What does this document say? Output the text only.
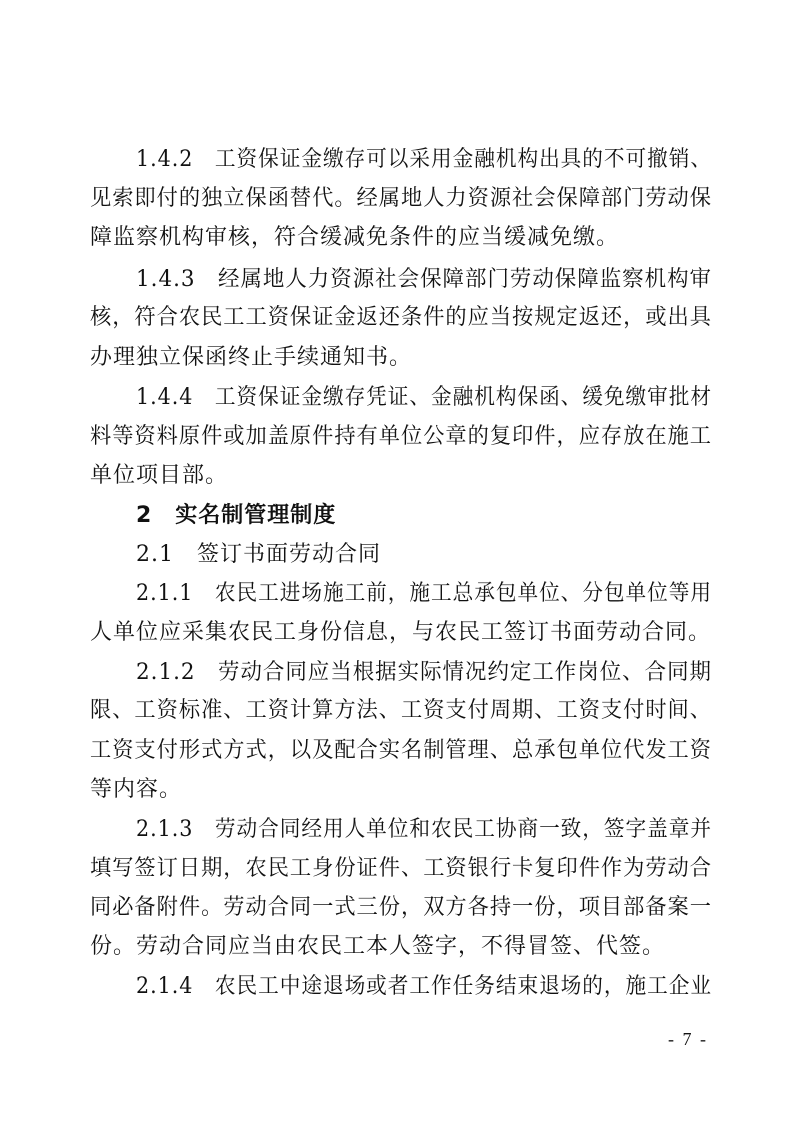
1.4.2　工资保证金缴存可以采用金融机构出具的不可撤销、

见索即付的独立保函替代。经属地人力资源社会保障部门劳动保

障监察机构审核，符合缓减免条件的应当缓减免缴。

1.4.3　经属地人力资源社会保障部门劳动保障监察机构审

核，符合农民工工资保证金返还条件的应当按规定返还，或出具

办理独立保函终止手续通知书。

1.4.4　工资保证金缴存凭证、金融机构保函、缓免缴审批材

料等资料原件或加盖原件持有单位公章的复印件，应存放在施工

单位项目部。

2　实名制管理制度

2.1　签订书面劳动合同

2.1.1　农民工进场施工前，施工总承包单位、分包单位等用

人单位应采集农民工身份信息，与农民工签订书面劳动合同。

2.1.2　劳动合同应当根据实际情况约定工作岗位、合同期

限、工资标准、工资计算方法、工资支付周期、工资支付时间、

工资支付形式方式，以及配合实名制管理、总承包单位代发工资

等内容。

2.1.3　劳动合同经用人单位和农民工协商一致，签字盖章并

填写签订日期，农民工身份证件、工资银行卡复印件作为劳动合

同必备附件。劳动合同一式三份，双方各持一份，项目部备案一

份。劳动合同应当由农民工本人签字，不得冒签、代签。

2.1.4　农民工中途退场或者工作任务结束退场的，施工企业

- 7 -
